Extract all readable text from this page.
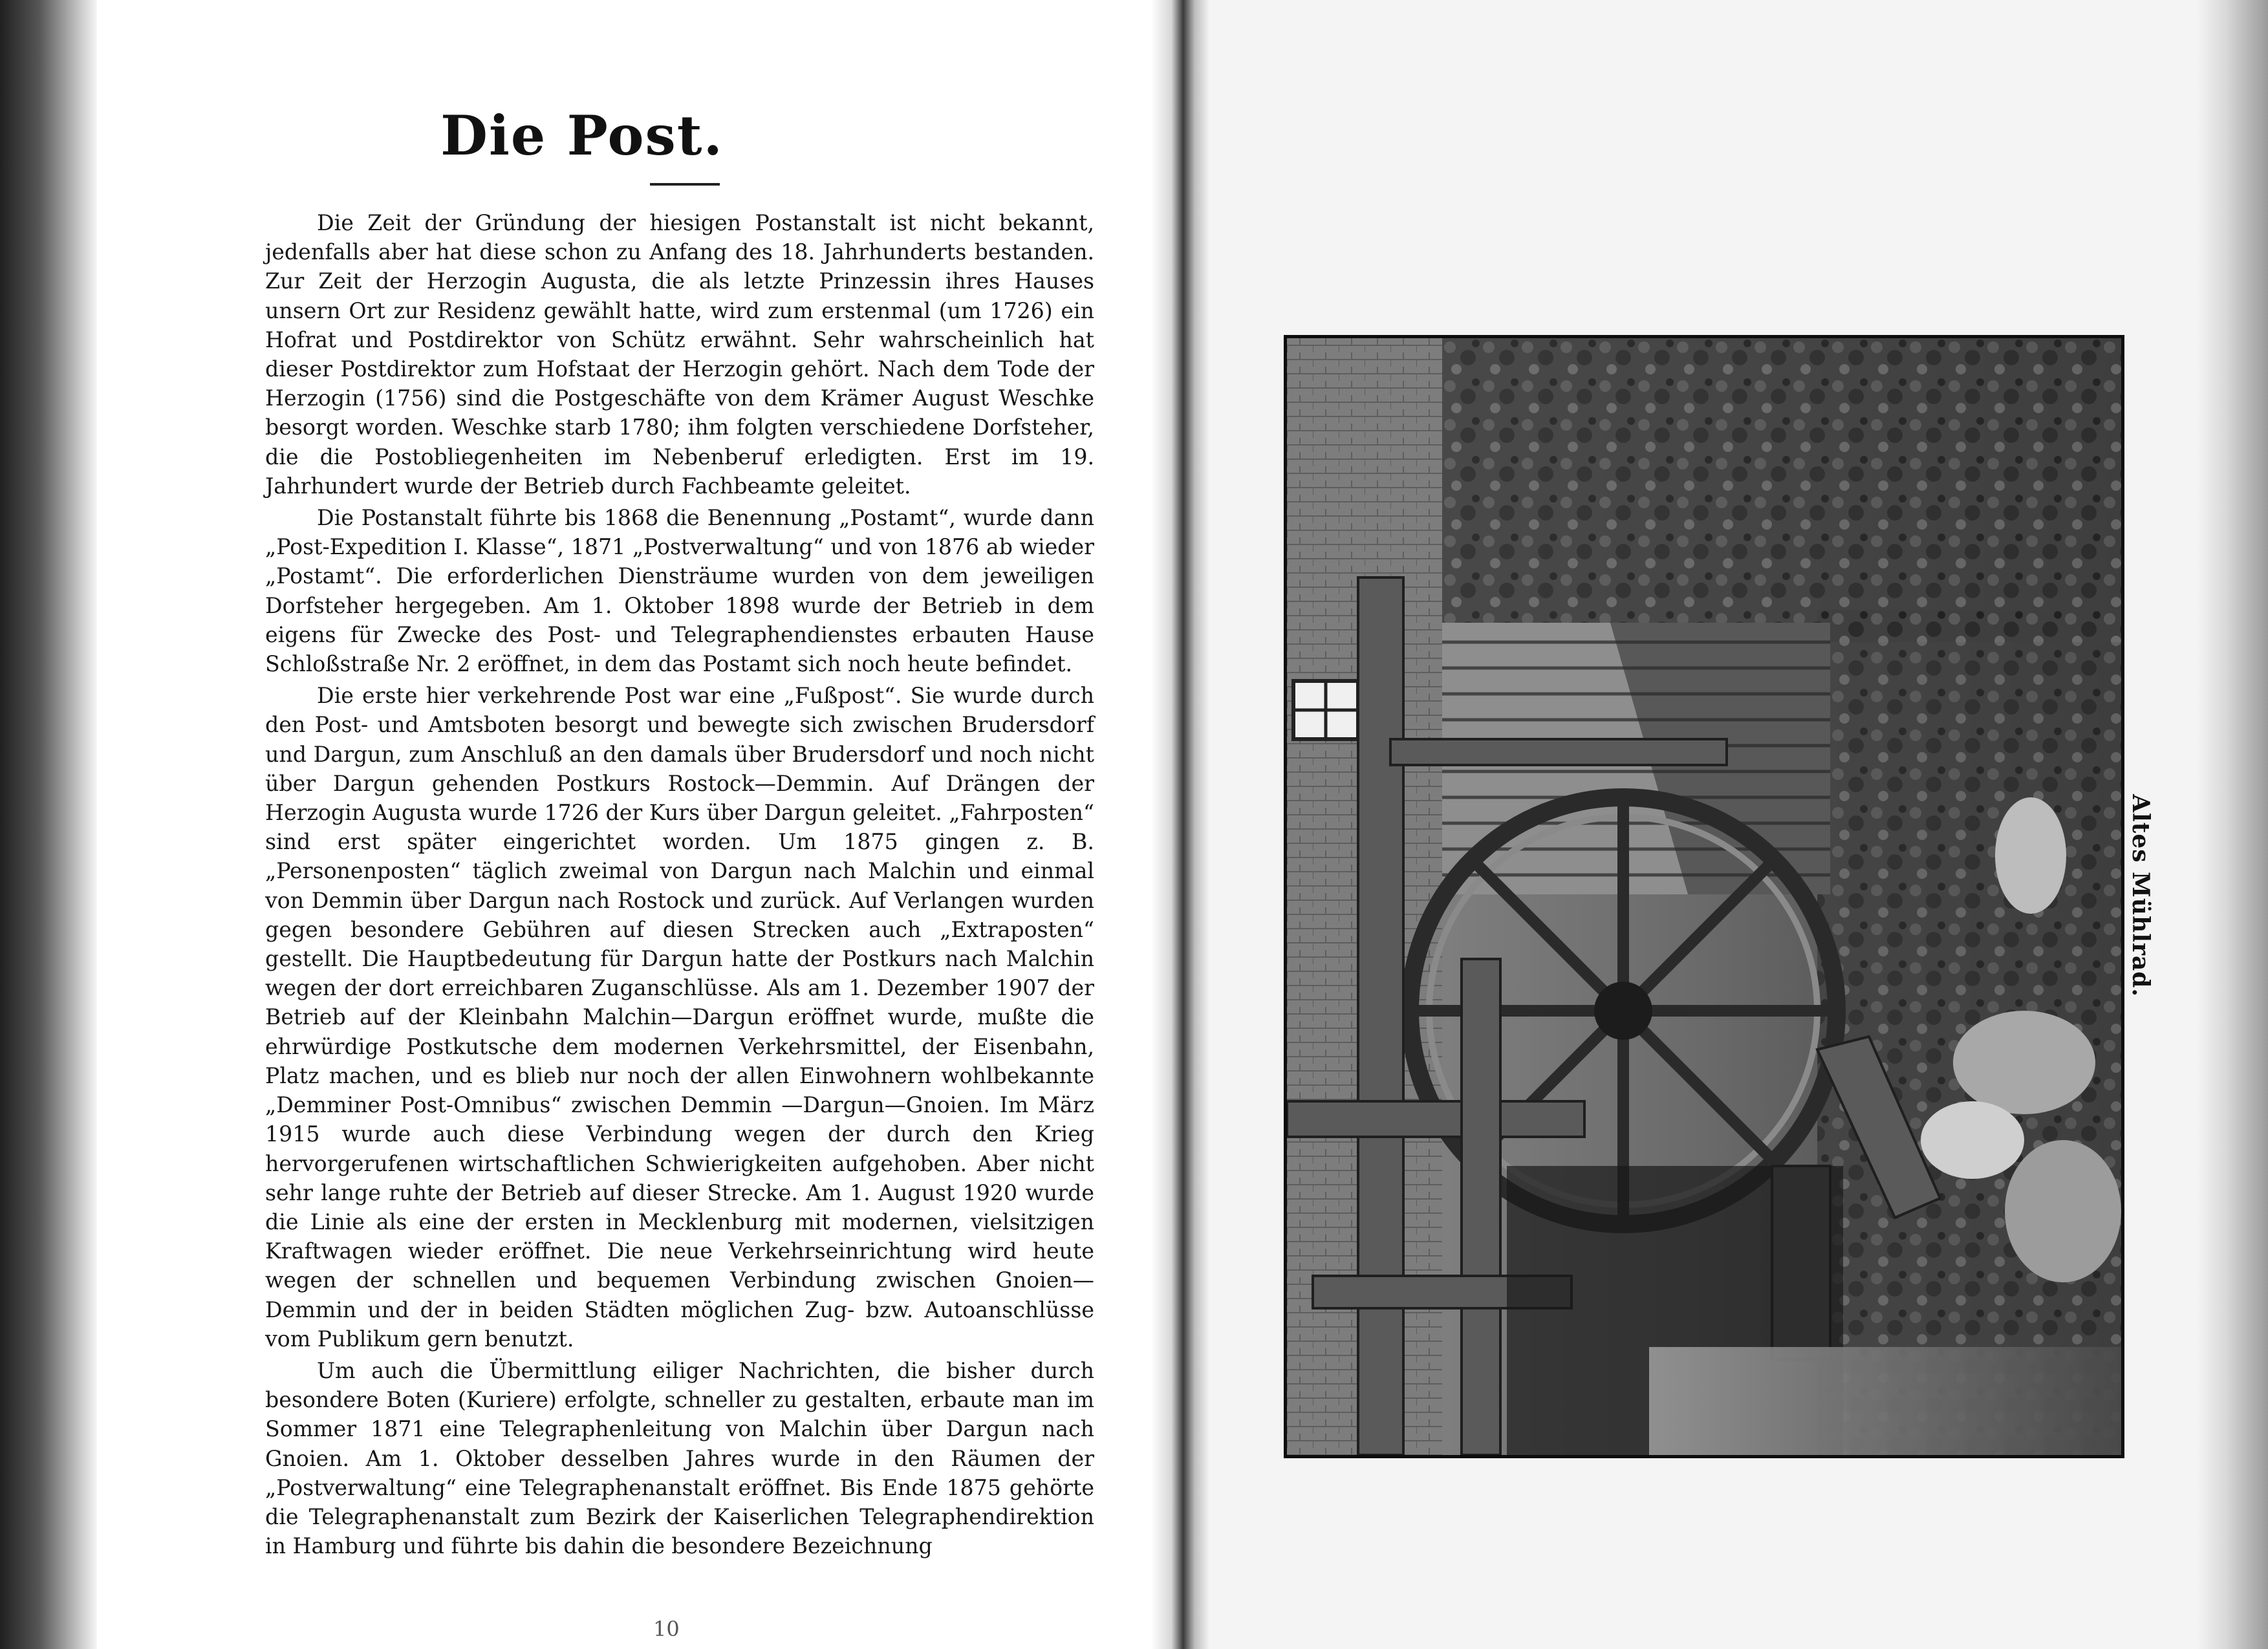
Die Post.

Die Zeit der Gründung der hiesigen Postanstalt ist nicht bekannt, jedenfalls aber hat diese schon zu Anfang des 18. Jahrhunderts bestanden. Zur Zeit der Herzogin Augusta, die als letzte Prinzessin ihres Hauses unsern Ort zur Residenz gewählt hatte, wird zum erstenmal (um 1726) ein Hofrat und Postdirektor von Schütz erwähnt. Sehr wahrscheinlich hat dieser Postdirektor zum Hofstaat der Herzogin gehört. Nach dem Tode der Herzogin (1756) sind die Postgeschäfte von dem Krämer August Weschke besorgt worden. Weschke starb 1780; ihm folgten verschiedene Dorfsteher, die die Postobliegenheiten im Nebenberuf erledigten. Erst im 19. Jahrhundert wurde der Betrieb durch Fachbeamte geleitet.

Die Postanstalt führte bis 1868 die Benennung „Postamt“, wurde dann „Post-Expedition I. Klasse“, 1871 „Postverwaltung“ und von 1876 ab wieder „Postamt“. Die erforderlichen Diensträume wurden von dem jeweiligen Dorfsteher hergegeben. Am 1. Oktober 1898 wurde der Betrieb in dem eigens für Zwecke des Post- und Telegraphendienstes erbauten Hause Schloßstraße Nr. 2 eröffnet, in dem das Postamt sich noch heute befindet.

Die erste hier verkehrende Post war eine „Fußpost“. Sie wurde durch den Post- und Amtsboten besorgt und bewegte sich zwischen Brudersdorf und Dargun, zum Anschluß an den damals über Brudersdorf und noch nicht über Dargun gehenden Postkurs Rostock—Demmin. Auf Drängen der Herzogin Augusta wurde 1726 der Kurs über Dargun geleitet. „Fahrposten“ sind erst später eingerichtet worden. Um 1875 gingen z. B. „Personenposten“ täglich zweimal von Dargun nach Malchin und einmal von Demmin über Dargun nach Rostock und zurück. Auf Verlangen wurden gegen besondere Gebühren auf diesen Strecken auch „Extraposten“ gestellt. Die Hauptbedeutung für Dargun hatte der Postkurs nach Malchin wegen der dort erreichbaren Zuganschlüsse. Als am 1. Dezember 1907 der Betrieb auf der Kleinbahn Malchin—Dargun eröffnet wurde, mußte die ehrwürdige Postkutsche dem modernen Verkehrsmittel, der Eisenbahn, Platz machen, und es blieb nur noch der allen Einwohnern wohlbekannte „Demminer Post-Omnibus“ zwischen Demmin —Dargun—Gnoien. Im März 1915 wurde auch diese Verbindung wegen der durch den Krieg hervorgerufenen wirtschaftlichen Schwierigkeiten aufgehoben. Aber nicht sehr lange ruhte der Betrieb auf dieser Strecke. Am 1. August 1920 wurde die Linie als eine der ersten in Mecklenburg mit modernen, vielsitzigen Kraftwagen wieder eröffnet. Die neue Verkehrseinrichtung wird heute wegen der schnellen und bequemen Verbindung zwischen Gnoien—Demmin und der in beiden Städten möglichen Zug- bzw. Autoanschlüsse vom Publikum gern benutzt.

Um auch die Übermittlung eiliger Nachrichten, die bisher durch besondere Boten (Kuriere) erfolgte, schneller zu gestalten, erbaute man im Sommer 1871 eine Telegraphenleitung von Malchin über Dargun nach Gnoien. Am 1. Oktober desselben Jahres wurde in den Räumen der „Postverwaltung“ eine Telegraphenanstalt eröffnet. Bis Ende 1875 gehörte die Telegraphenanstalt zum Bezirk der Kaiserlichen Telegraphendirektion in Hamburg und führte bis dahin die besondere Bezeichnung

10
Altes Mühlrad.
